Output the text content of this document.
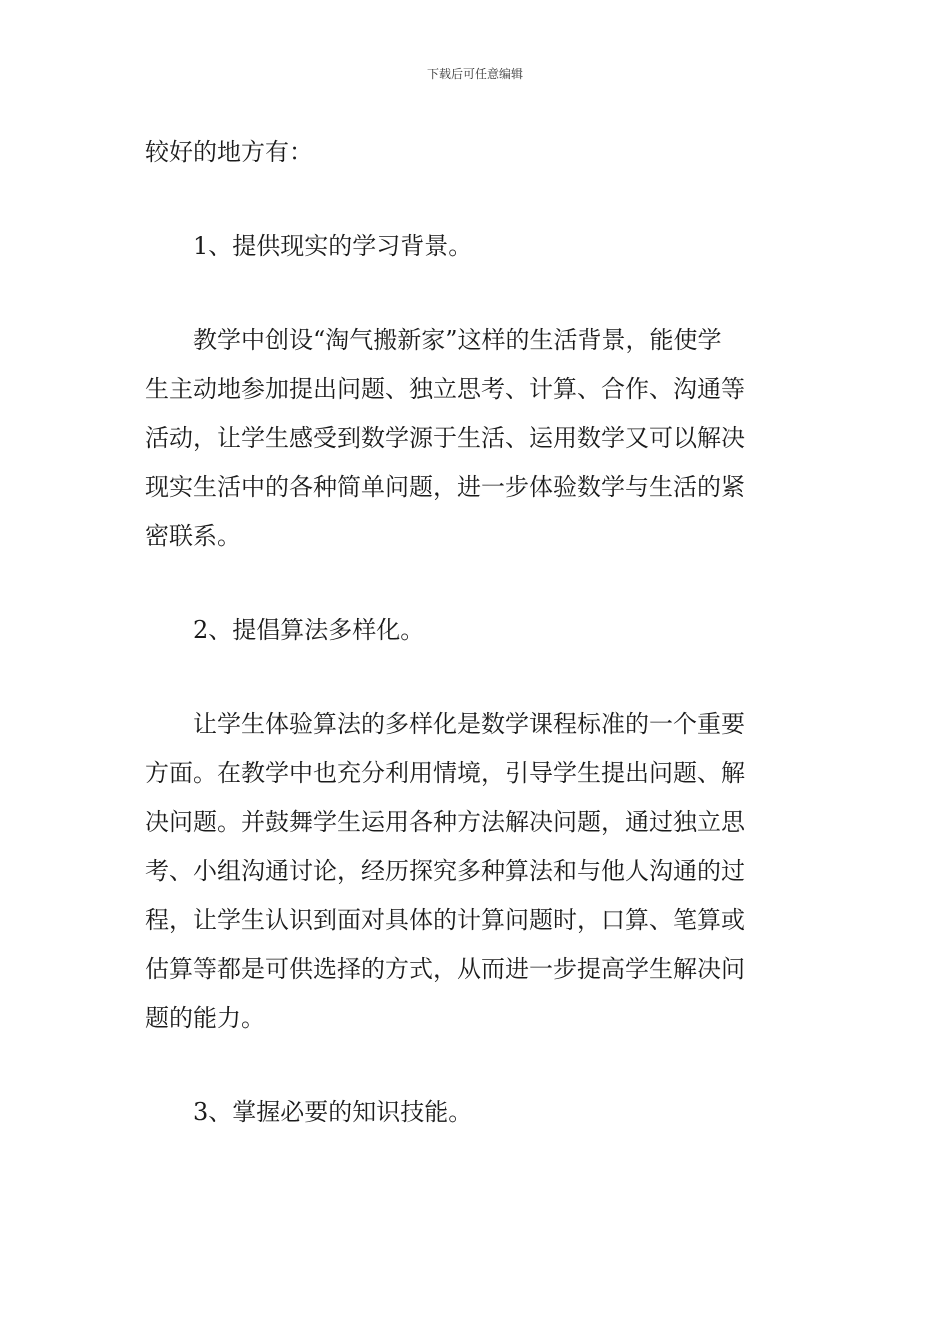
下载后可任意编辑
较好的地方有：
1、提供现实的学习背景。
教学中创设“淘气搬新家”这样的生活背景，能使学
生主动地参加提出问题、独立思考、计算、合作、沟通等
活动，让学生感受到数学源于生活、运用数学又可以解决
现实生活中的各种简单问题，进一步体验数学与生活的紧
密联系。
2、提倡算法多样化。
让学生体验算法的多样化是数学课程标准的一个重要
方面。在教学中也充分利用情境，引导学生提出问题、解
决问题。并鼓舞学生运用各种方法解决问题，通过独立思
考、小组沟通讨论，经历探究多种算法和与他人沟通的过
程，让学生认识到面对具体的计算问题时，口算、笔算或
估算等都是可供选择的方式，从而进一步提高学生解决问
题的能力。
3、掌握必要的知识技能。
